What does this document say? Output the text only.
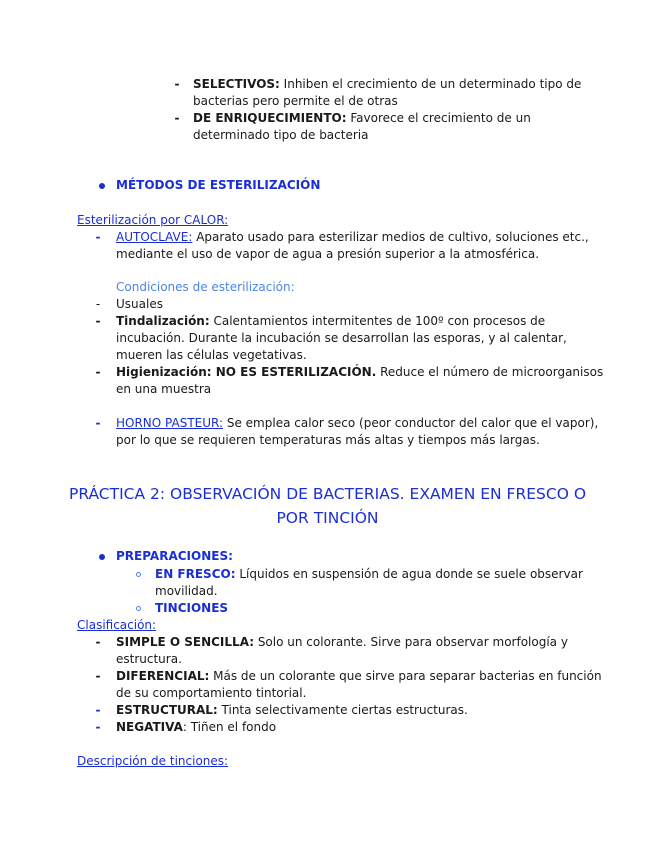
- SELECTIVOS: Inhiben el crecimiento de un determinado tipo de
bacterias pero permite el de otras
- DE ENRIQUECIMIENTO: Favorece el crecimiento de un
determinado tipo de bacteria
MÉTODOS DE ESTERILIZACIÓN
Esterilización por CALOR:
- AUTOCLAVE: Aparato usado para esterilizar medios de cultivo, soluciones etc.,
mediante el uso de vapor de agua a presión superior a la atmosférica.
Condiciones de esterilización:
-	Usuales
- Tindalización: Calentamientos intermitentes de 100º con procesos de
incubación. Durante la incubación se desarrollan las esporas, y al calentar,
mueren las células vegetativas.
- Higienización: NO ES ESTERILIZACIÓN. Reduce el número de microorganisos
en una muestra
- HORNO PASTEUR: Se emplea calor seco (peor conductor del calor que el vapor),
por lo que se requieren temperaturas más altas y tiempos más largas.
PRÁCTICA 2: OBSERVACIÓN DE BACTERIAS. EXAMEN EN FRESCO O
POR TINCIÓN
PREPARACIONES:
EN FRESCO: Líquidos en suspensión de agua donde se suele observar
movilidad.
TINCIONES
Clasificación:
- SIMPLE O SENCILLA: Solo un colorante. Sirve para observar morfología y
estructura.
- DIFERENCIAL: Más de un colorante que sirve para separar bacterias en función
de su comportamiento tintorial.
- ESTRUCTURAL: Tinta selectivamente ciertas estructuras.
- NEGATIVA: Tiñen el fondo
Descripción de tinciones:
